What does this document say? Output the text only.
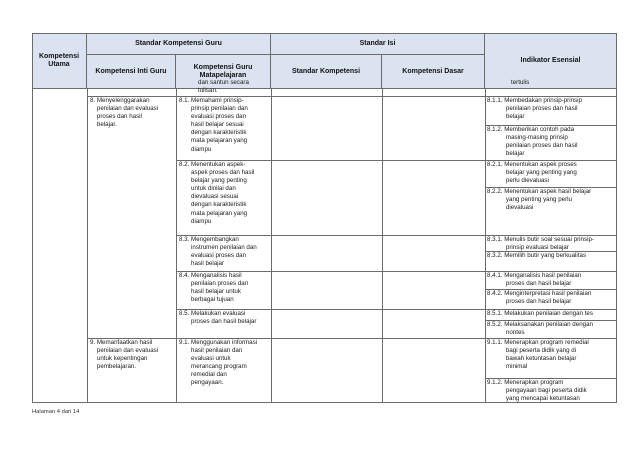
Kompetensi
Utama
Standar Kompetensi Guru	Standar Isi
Indikator Esensial
Kompetensi Inti Guru
Kompetensi Guru
Matapelajaran
Standar Kompetensi	Kompetensi Dasar
dan santun secara
tulisan.
tertulis
8. Menyelenggarakan
penilaian dan evaluasi
proses dan hasil
belajar.
9. Memanfaatkan hasil
penilaian dan evaluasi
untuk kepentingan
pembelajaran.
8.1. Memahami prinsip-
prinsip penilaian dan
evaluasi proses dan
hasil belajar sesuai
dengan karakteristik
mata pelajaran yang
diampu
8.2. Menentukan aspek-
aspek proses dan hasil
belajar yang penting
untuk dinilai dan
dievaluasi sesuai
dengan karakteristik
mata pelajaran yang
diampu
8.3. Mengembangkan
instrumen penilaian dan
evaluasi proses dan
hasil belajar
8.4. Menganalisis hasil
penilaian proses dan
hasil belajar untuk
berbagai tujuan
8.5. Melakukan evaluasi
proses dan hasil belajar
9.1. Menggunakan informasi
hasil penilaian dan
evaluasi untuk
merancang program
remedial dan
pengayaan.
8.1.1. Membedakan prinsip-prinsip
penilaian proses dan hasil
belajar
8.1.2. Memberikan contoh pada
masing-masing prinsip
penilaian proses dan hasil
belajar
8.2.1. Menentukan aspek proses
belajar yang penting yang
perlu dievaluasi
8.2.2. Menentukan aspek hasil belajar
yang penting yang perlu
dievaluasi
8.3.1. Menulis butir soal sesuai prinsip-
prinsip evaluasi belajar
8.3.2. Memilih butir yang berkualitas
8.4.1. Menganalisis hasil penilaian
proses dan hasil belajar
8.4.2. Menginterpretasi hasil penilaian
proses dan hasil belajar
8.5.1. Melakukan penilaian dengan tes
8.5.2. Melaksanakan penilaian dengan
nontes
9.1.1. Menerapkan program remedial
bagi peserta didik yang di
bawah ketuntasan belajar
minimal
9.1.2. Menerapkan program
pengayaan bagi peserta didik
yang mencapai ketuntasan
Halaman 4 dari 14
